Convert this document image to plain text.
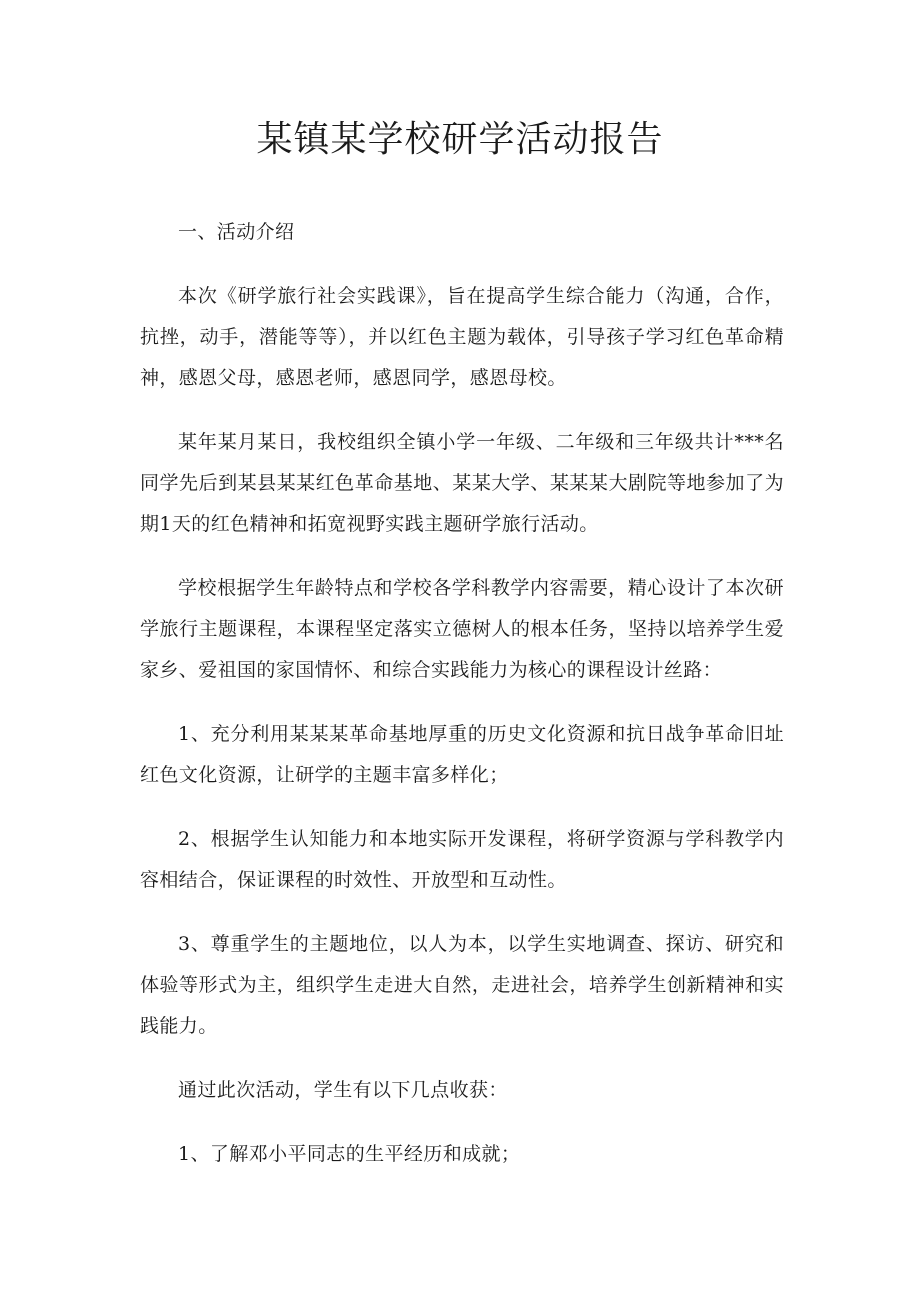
某镇某学校研学活动报告

一、活动介绍

本次《研学旅行社会实践课》，旨在提高学生综合能力（沟通，合作，抗挫，动手，潜能等等），并以红色主题为载体，引导孩子学习红色革命精神，感恩父母，感恩老师，感恩同学，感恩母校。

某年某月某日，我校组织全镇小学一年级、二年级和三年级共计***名同学先后到某县某某红色革命基地、某某大学、某某某大剧院等地参加了为期1天的红色精神和拓宽视野实践主题研学旅行活动。

学校根据学生年龄特点和学校各学科教学内容需要，精心设计了本次研学旅行主题课程，本课程坚定落实立德树人的根本任务，坚持以培养学生爱家乡、爱祖国的家国情怀、和综合实践能力为核心的课程设计丝路：

1、充分利用某某某革命基地厚重的历史文化资源和抗日战争革命旧址红色文化资源，让研学的主题丰富多样化；

2、根据学生认知能力和本地实际开发课程，将研学资源与学科教学内容相结合，保证课程的时效性、开放型和互动性。

3、尊重学生的主题地位，以人为本，以学生实地调查、探访、研究和体验等形式为主，组织学生走进大自然，走进社会，培养学生创新精神和实践能力。

通过此次活动，学生有以下几点收获：

1、了解邓小平同志的生平经历和成就；
